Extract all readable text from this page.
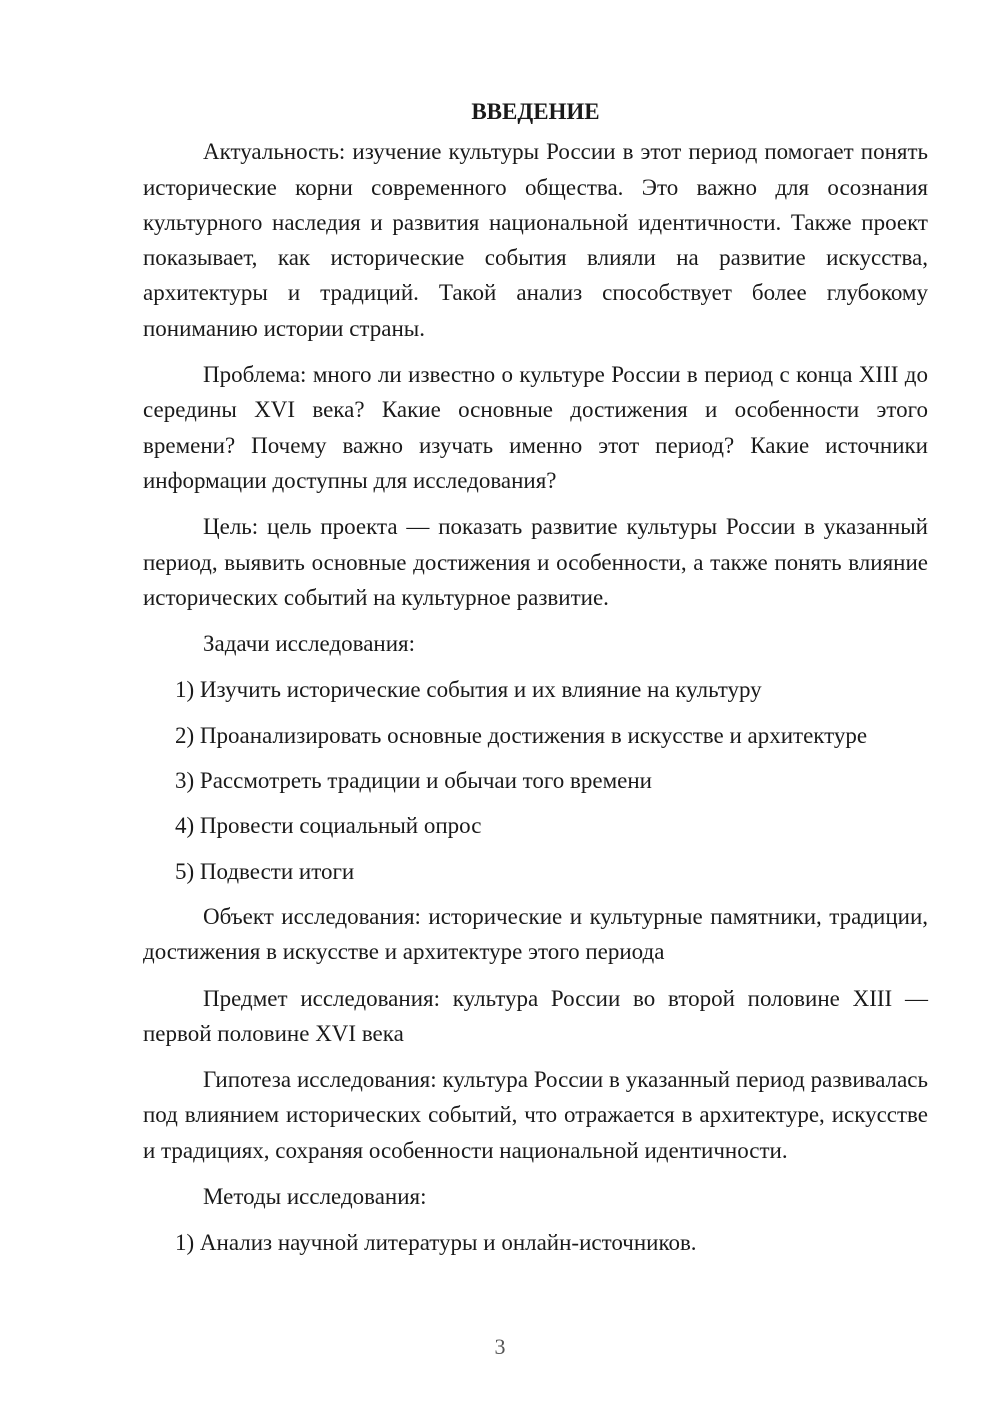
ВВЕДЕНИЕ
Актуальность: изучение культуры России в этот период помогает понять исторические корни современного общества. Это важно для осознания культурного наследия и развития национальной идентичности. Также проект показывает, как исторические события влияли на развитие искусства, архитектуры и традиций. Такой анализ способствует более глубокому пониманию истории страны.
Проблема: много ли известно о культуре России в период с конца XIII до середины XVI века? Какие основные достижения и особенности этого времени? Почему важно изучать именно этот период? Какие источники информации доступны для исследования?
Цель: цель проекта — показать развитие культуры России в указанный период, выявить основные достижения и особенности, а также понять влияние исторических событий на культурное развитие.
Задачи исследования:
1) Изучить исторические события и их влияние на культуру
2) Проанализировать основные достижения в искусстве и архитектуре
3) Рассмотреть традиции и обычаи того времени
4) Провести социальный опрос
5) Подвести итоги
Объект исследования: исторические и культурные памятники, традиции, достижения в искусстве и архитектуре этого периода
Предмет исследования: культура России во второй половине XIII — первой половине XVI века
Гипотеза исследования: культура России в указанный период развивалась под влиянием исторических событий, что отражается в архитектуре, искусстве и традициях, сохраняя особенности национальной идентичности.
Методы исследования:
1) Анализ научной литературы и онлайн-источников.
3
